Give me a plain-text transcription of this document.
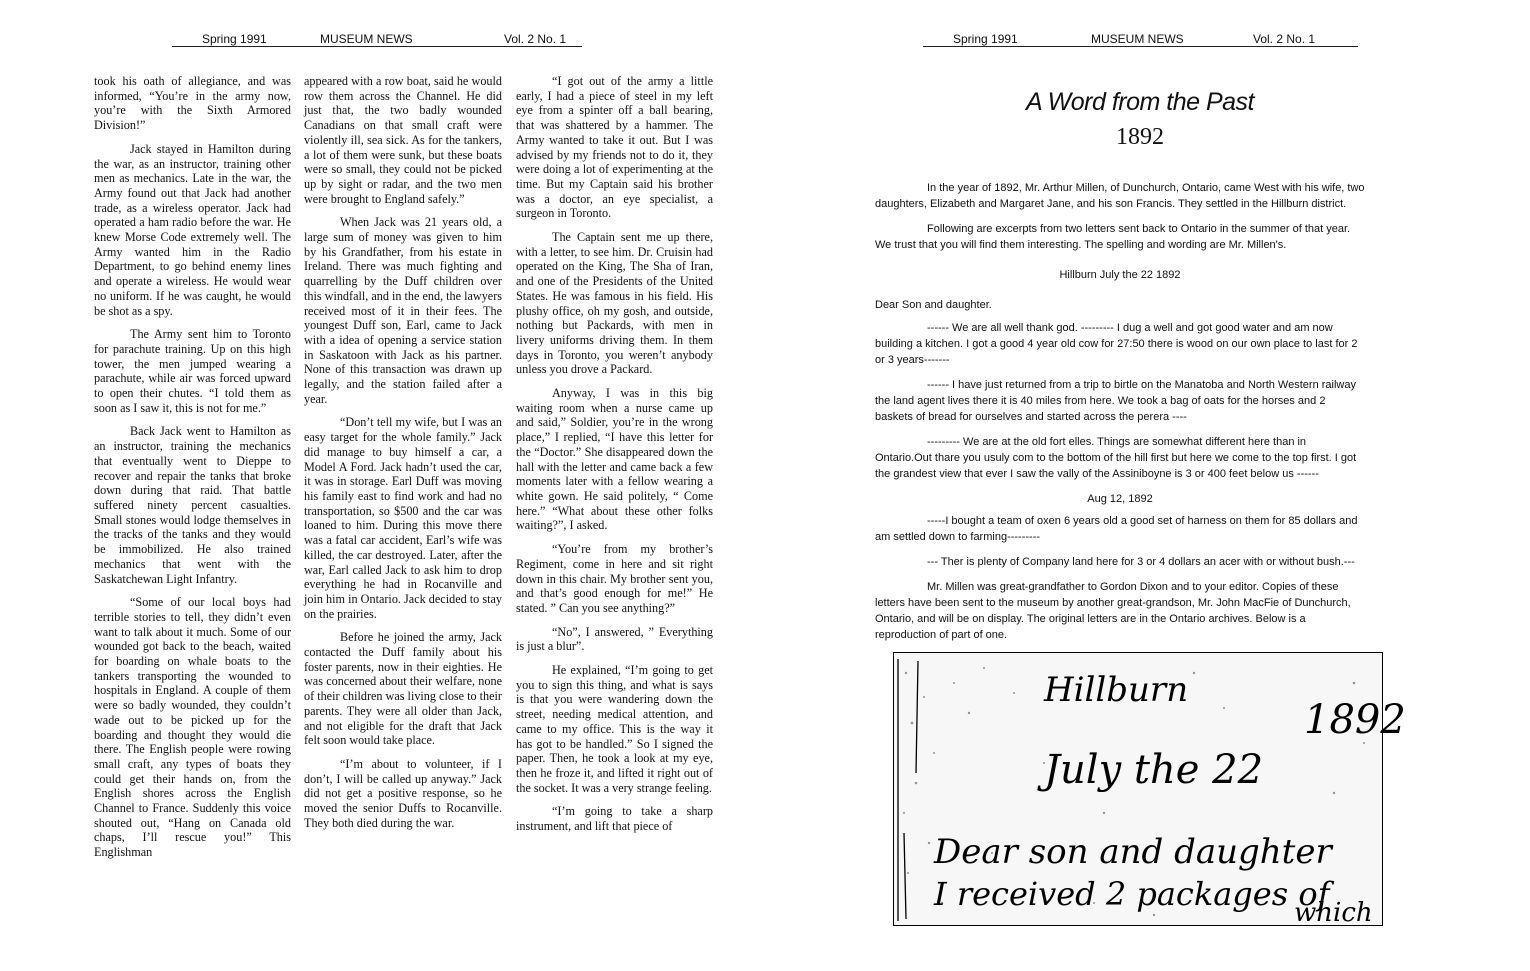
Spring 1991	MUSEUM NEWS	Vol. 2 No. 1

took his oath of allegiance, and was informed, “You’re in the army now, you’re with the Sixth Armored Division!”

Jack stayed in Hamilton during the war, as an instructor, training other men as mechanics. Late in the war, the Army found out that Jack had another trade, as a wireless operator. Jack had operated a ham radio before the war. He knew Morse Code extremely well. The Army wanted him in the Radio Department, to go behind enemy lines and operate a wireless. He would wear no uniform. If he was caught, he would be shot as a spy.

The Army sent him to Toronto for parachute training. Up on this high tower, the men jumped wearing a parachute, while air was forced upward to open their chutes. “I told them as soon as I saw it, this is not for me.”

Back Jack went to Hamilton as an instructor, training the mechanics that eventually went to Dieppe to recover and repair the tanks that broke down during that raid. That battle suffered ninety percent casualties. Small stones would lodge themselves in the tracks of the tanks and they would be immobilized. He also trained mechanics that went with the Saskatchewan Light Infantry.

“Some of our local boys had terrible stories to tell, they didn’t even want to talk about it much. Some of our wounded got back to the beach, waited for boarding on whale boats to the tankers transporting the wounded to hospitals in England. A couple of them were so badly wounded, they couldn’t wade out to be picked up for the boarding and thought they would die there. The English people were rowing small craft, any types of boats they could get their hands on, from the English shores across the English Channel to France. Suddenly this voice shouted out, “Hang on Canada old chaps, I’ll rescue you!” This Englishman

appeared with a row boat, said he would row them across the Channel. He did just that, the two badly wounded Canadians on that small craft were violently ill, sea sick. As for the tankers, a lot of them were sunk, but these boats were so small, they could not be picked up by sight or radar, and the two men were brought to England safely.”

When Jack was 21 years old, a large sum of money was given to him by his Grandfather, from his estate in Ireland. There was much fighting and quarrelling by the Duff children over this windfall, and in the end, the lawyers received most of it in their fees. The youngest Duff son, Earl, came to Jack with a idea of opening a service station in Saskatoon with Jack as his partner. None of this transaction was drawn up legally, and the station failed after a year.

“Don’t tell my wife, but I was an easy target for the whole family.” Jack did manage to buy himself a car, a Model A Ford. Jack hadn’t used the car, it was in storage. Earl Duff was moving his family east to find work and had no transportation, so $500 and the car was loaned to him. During this move there was a fatal car accident, Earl’s wife was killed, the car destroyed. Later, after the war, Earl called Jack to ask him to drop everything he had in Rocanville and join him in Ontario. Jack decided to stay on the prairies.

Before he joined the army, Jack contacted the Duff family about his foster parents, now in their eighties. He was concerned about their welfare, none of their children was living close to their parents. They were all older than Jack, and not eligible for the draft that Jack felt soon would take place.

“I’m about to volunteer, if I don’t, I will be called up anyway.” Jack did not get a positive response, so he moved the senior Duffs to Rocanville. They both died during the war.

“I got out of the army a little early, I had a piece of steel in my left eye from a spinter off a ball bearing, that was shattered by a hammer. The Army wanted to take it out. But I was advised by my friends not to do it, they were doing a lot of experimenting at the time. But my Captain said his brother was a doctor, an eye specialist, a surgeon in Toronto.

The Captain sent me up there, with a letter, to see him. Dr. Cruisin had operated on the King, The Sha of Iran, and one of the Presidents of the United States. He was famous in his field. His plushy office, oh my gosh, and outside, nothing but Packards, with men in livery uniforms driving them. In them days in Toronto, you weren’t anybody unless you drove a Packard.

Anyway, I was in this big waiting room when a nurse came up and said,” Soldier, you’re in the wrong place,” I replied, “I have this letter for the “Doctor.” She disappeared down the hall with the letter and came back a few moments later with a fellow wearing a white gown. He said politely, “ Come here.” “What about these other folks waiting?”, I asked.

“You’re from my brother’s Regiment, come in here and sit right down in this chair. My brother sent you, and that’s good enough for me!” He stated. ” Can you see anything?”

“No”, I answered, ” Everything is just a blur”.

He explained, “I’m going to get you to sign this thing, and what is says is that you were wandering down the street, needing medical attention, and came to my office. This is the way it has got to be handled.” So I signed the paper. Then, he took a look at my eye, then he froze it, and lifted it right out of the socket. It was a very strange feeling.

“I’m going to take a sharp instrument, and lift that piece of

Spring 1991	MUSEUM NEWS	Vol. 2 No. 1
A Word from the Past
1892

In the year of 1892, Mr. Arthur Millen, of Dunchurch, Ontario, came West with his wife, two daughters, Elizabeth and Margaret Jane, and his son Francis. They settled in the Hillburn district.

Following are excerpts from two letters sent back to Ontario in the summer of that year. We trust that you will find them interesting. The spelling and wording are Mr. Millen's.

Hillburn July the 22 1892

Dear Son and daughter.

------ We are all well thank god. --------- I dug a well and got good water and am now building a kitchen. I got a good 4 year old cow for 27:50 there is wood on our own place to last for 2 or 3 years-------

------ I have just returned from a trip to birtle on the Manatoba and North Western railway the land agent lives there it is 40 miles from here. We took a bag of oats for the horses and 2 baskets of bread for ourselves and started across the perera ----

--------- We are at the old fort elles. Things are somewhat different here than in Ontario.Out thare you usuly com to the bottom of the hill first but here we come to the top first. I got the grandest view that ever I saw the vally of the Assiniboyne is 3 or 400 feet below us ------

Aug 12, 1892

-----I bought a team of oxen 6 years old a good set of harness on them for 85 dollars and am settled down to farming---------

--- Ther is plenty of Company land here for 3 or 4 dollars an acer with or without bush.---

Mr. Millen was great-grandfather to Gordon Dixon and to your editor. Copies of these letters have been sent to the museum by another great-grandson, Mr. John MacFie of Dunchurch, Ontario, and will be on display. The original letters are in the Ontario archives. Below is a reproduction of part of one.

Hillburn
1892
July the 22
Dear son and daughter
I received 2 packages of
which
